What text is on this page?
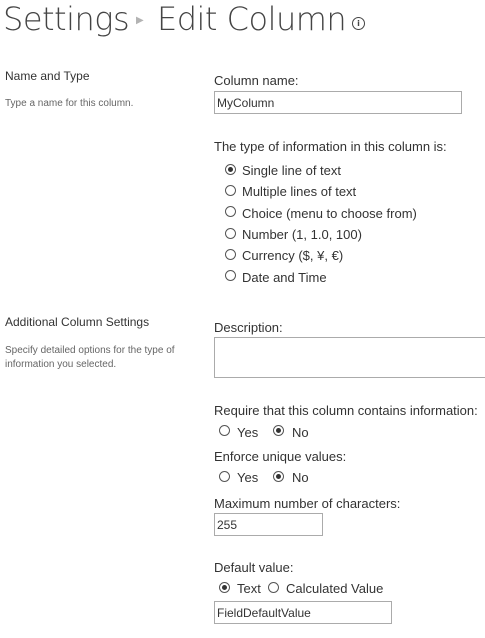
Settings ▶ Edit Column	i
Name and Type
Type a name for this column.
Column name:
MyColumn
The type of information in this column is:
Single line of text
Multiple lines of text
Choice (menu to choose from)
Number (1, 1.0, 100)
Currency ($, ¥, €)
Date and Time
Additional Column Settings
Specify detailed options for the type of information you selected.
Description:
Require that this column contains information:
Yes	No
Enforce unique values:
Yes	No
Maximum number of characters:
255
Default value:
Text Calculated Value
FieldDefaultValue
